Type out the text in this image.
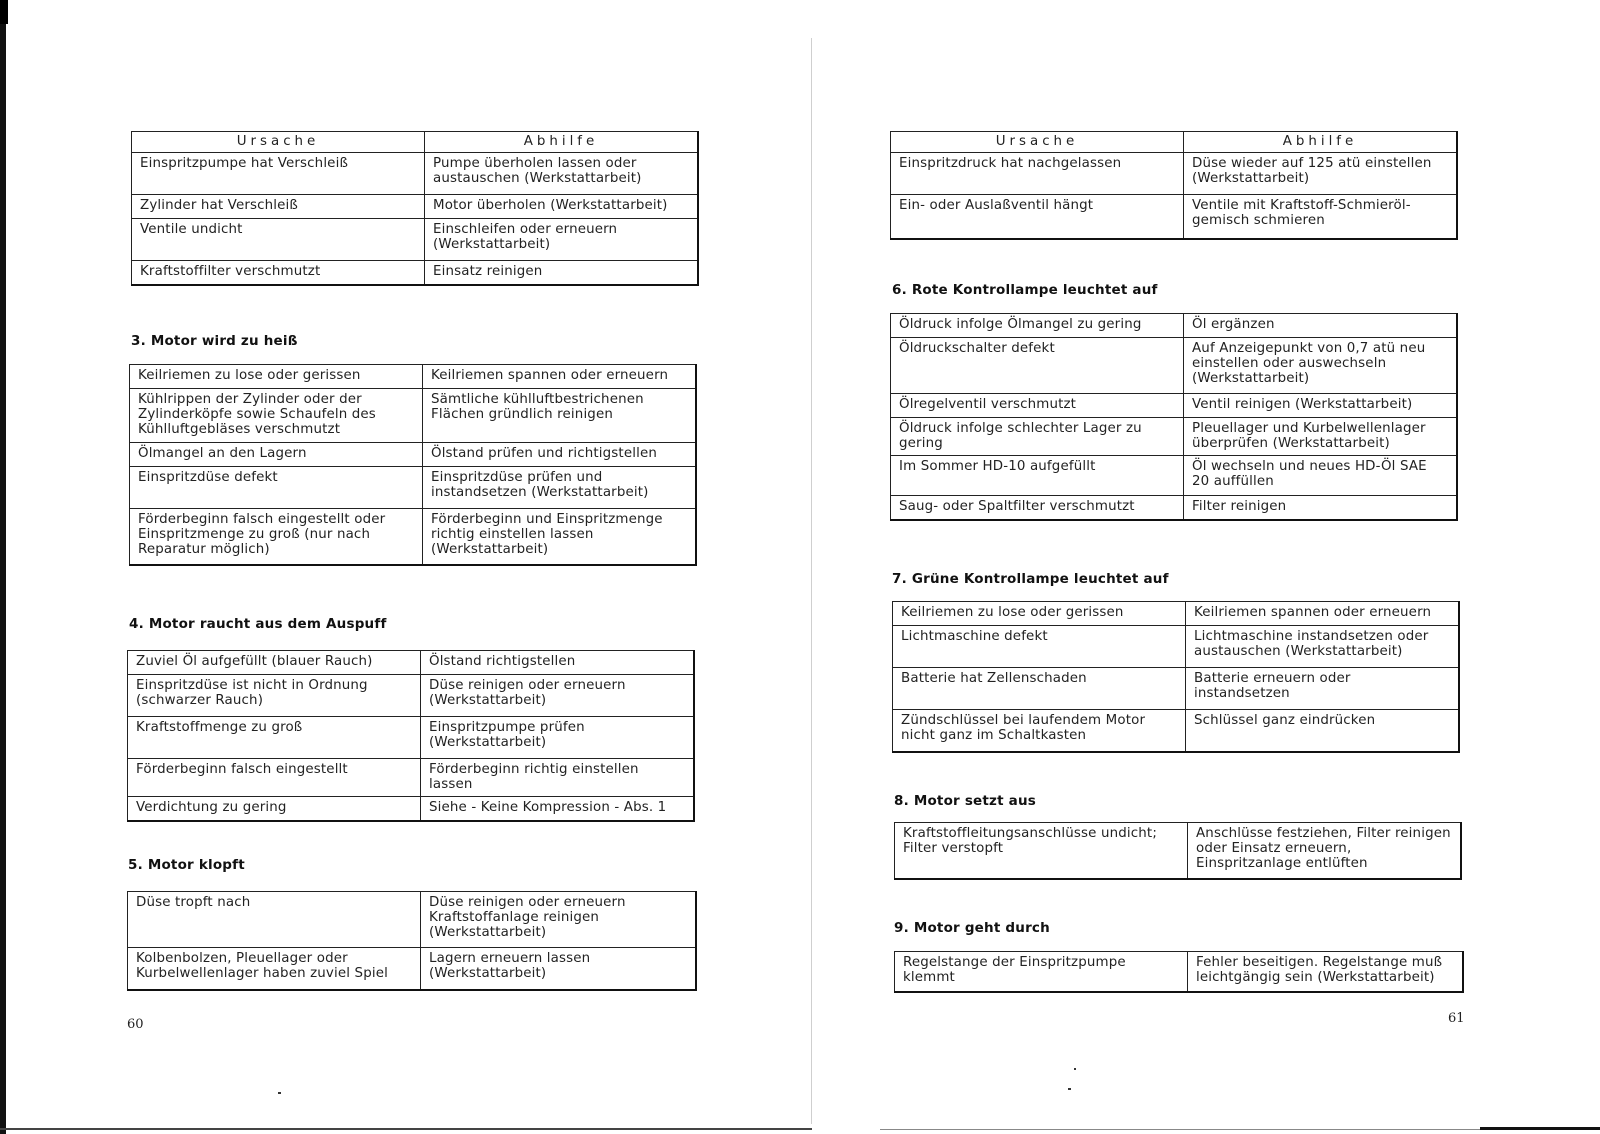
Ursache	Abhilfe
Einspritzpumpe hat Verschleiß	Pumpe überholen lassen oder austauschen (Werkstattarbeit)
Zylinder hat Verschleiß	Motor überholen (Werkstattarbeit)
Ventile undicht	Einschleifen oder erneuern (Werkstattarbeit)
Kraftstoffilter verschmutzt	Einsatz reinigen
3. Motor wird zu heiß
Keilriemen zu lose oder gerissen	Keilriemen spannen oder erneuern
Kühlrippen der Zylinder oder der Zylinderköpfe sowie Schaufeln des Kühlluftgebläses verschmutzt	Sämtliche kühlluftbestrichenen Flächen gründlich reinigen
Ölmangel an den Lagern	Ölstand prüfen und richtigstellen
Einspritzdüse defekt	Einspritzdüse prüfen und instandsetzen (Werkstattarbeit)
Förderbeginn falsch eingestellt oder Einspritzmenge zu groß (nur nach Reparatur möglich)	Förderbeginn und Einspritzmenge richtig einstellen lassen (Werkstattarbeit)
4. Motor raucht aus dem Auspuff
Zuviel Öl aufgefüllt (blauer Rauch)	Ölstand richtigstellen
Einspritzdüse ist nicht in Ordnung (schwarzer Rauch)	Düse reinigen oder erneuern (Werkstattarbeit)
Kraftstoffmenge zu groß	Einspritzpumpe prüfen (Werkstattarbeit)
Förderbeginn falsch eingestellt	Förderbeginn richtig einstellen lassen
Verdichtung zu gering	Siehe - Keine Kompression - Abs. 1
5. Motor klopft
Düse tropft nach	Düse reinigen oder erneuern Kraftstoffanlage reinigen (Werkstattarbeit)
Kolbenbolzen, Pleuellager oder Kurbelwellenlager haben zuviel Spiel	Lagern erneuern lassen (Werkstattarbeit)
60
Ursache	Abhilfe
Einspritzdruck hat nachgelassen	Düse wieder auf 125 atü einstellen (Werkstattarbeit)
Ein- oder Auslaßventil hängt	Ventile mit Kraftstoff-Schmieröl-gemisch schmieren
6. Rote Kontrollampe leuchtet auf
Öldruck infolge Ölmangel zu gering	Öl ergänzen
Öldruckschalter defekt	Auf Anzeigepunkt von 0,7 atü neu einstellen oder auswechseln (Werkstattarbeit)
Ölregelventil verschmutzt	Ventil reinigen (Werkstattarbeit)
Öldruck infolge schlechter Lager zu gering	Pleuellager und Kurbelwellenlager überprüfen (Werkstattarbeit)
Im Sommer HD-10 aufgefüllt	Öl wechseln und neues HD-Öl SAE 20 auffüllen
Saug- oder Spaltfilter verschmutzt	Filter reinigen
7. Grüne Kontrollampe leuchtet auf
Keilriemen zu lose oder gerissen	Keilriemen spannen oder erneuern
Lichtmaschine defekt	Lichtmaschine instandsetzen oder austauschen (Werkstattarbeit)
Batterie hat Zellenschaden	Batterie erneuern oder instandsetzen
Zündschlüssel bei laufendem Motor nicht ganz im Schaltkasten	Schlüssel ganz eindrücken
8. Motor setzt aus
Kraftstoffleitungsanschlüsse undicht; Filter verstopft	Anschlüsse festziehen, Filter reinigen oder Einsatz erneuern, Einspritzanlage entlüften
9. Motor geht durch
Regelstange der Einspritzpumpe klemmt	Fehler beseitigen. Regelstange muß leichtgängig sein (Werkstattarbeit)
61
